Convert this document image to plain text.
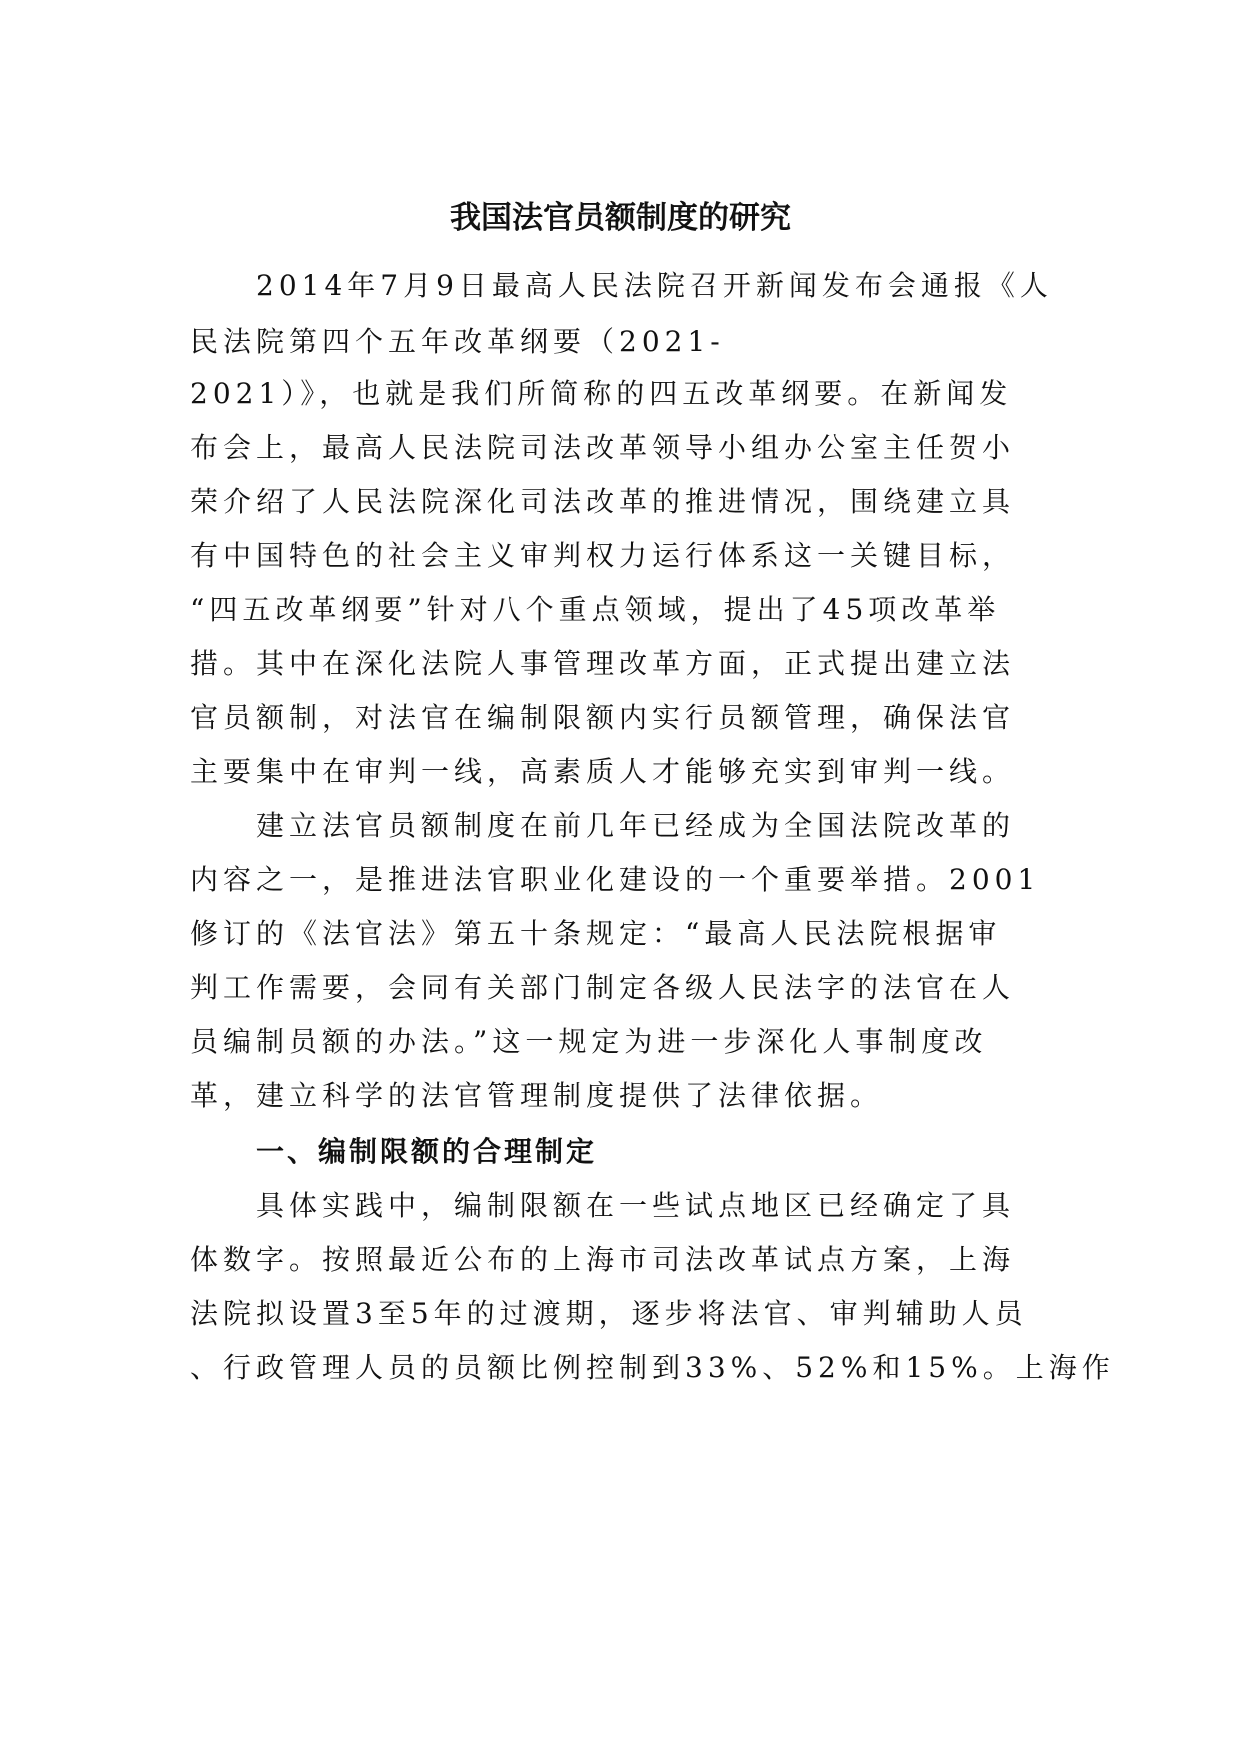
我国法官员额制度的研究

　　2014年7月9日最高人民法院召开新闻发布会通报《人

民法院第四个五年改革纲要（2021-

2021）》，也就是我们所简称的四五改革纲要。在新闻发

布会上，最高人民法院司法改革领导小组办公室主任贺小

荣介绍了人民法院深化司法改革的推进情况，围绕建立具

有中国特色的社会主义审判权力运行体系这一关键目标，

“四五改革纲要”针对八个重点领域，提出了45项改革举

措。其中在深化法院人事管理改革方面，正式提出建立法

官员额制，对法官在编制限额内实行员额管理，确保法官

主要集中在审判一线，高素质人才能够充实到审判一线。

　　建立法官员额制度在前几年已经成为全国法院改革的

内容之一，是推进法官职业化建设的一个重要举措。2001

修订的《法官法》第五十条规定：“最高人民法院根据审

判工作需要，会同有关部门制定各级人民法字的法官在人

员编制员额的办法。”这一规定为进一步深化人事制度改

革，建立科学的法官管理制度提供了法律依据。

一、编制限额的合理制定

　　具体实践中，编制限额在一些试点地区已经确定了具

体数字。按照最近公布的上海市司法改革试点方案，上海

法院拟设置3至5年的过渡期，逐步将法官、审判辅助人员

、行政管理人员的员额比例控制到33%、52%和15%。上海作
